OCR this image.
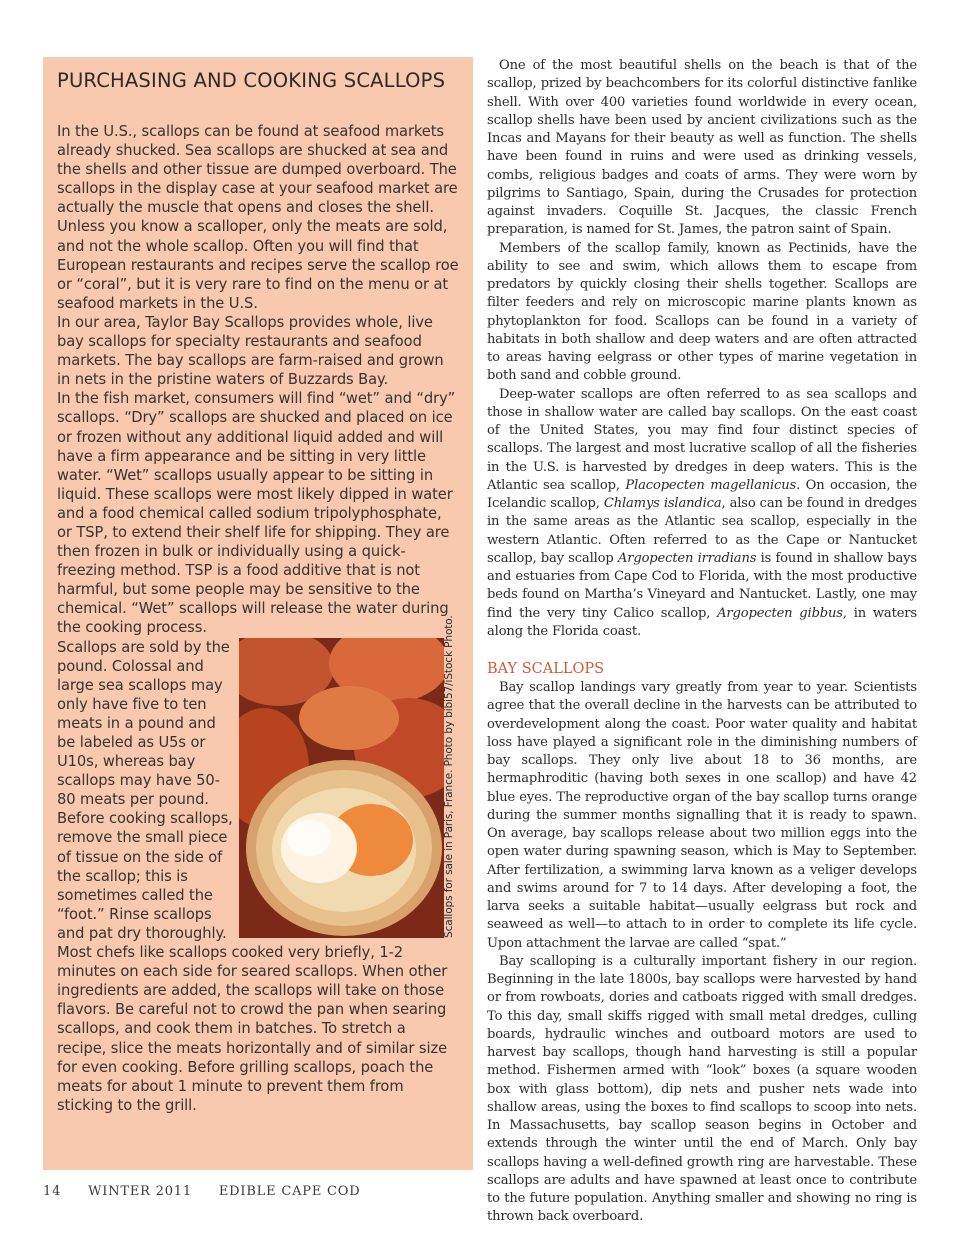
PURCHASING AND COOKING SCALLOPS

In the U.S., scallops can be found at seafood markets already shucked. Sea scallops are shucked at sea and the shells and other tissue are dumped overboard. The scallops in the display case at your seafood market are actually the muscle that opens and closes the shell. Unless you know a scalloper, only the meats are sold, and not the whole scallop. Often you will find that European restaurants and recipes serve the scallop roe or “coral”, but it is very rare to find on the menu or at seafood markets in the U.S.

In our area, Taylor Bay Scallops provides whole, live bay scallops for specialty restaurants and seafood markets. The bay scallops are farm-raised and grown in nets in the pristine waters of Buzzards Bay.

In the fish market, consumers will find “wet” and “dry” scallops. “Dry” scallops are shucked and placed on ice or frozen without any additional liquid added and will have a firm appearance and be sitting in very little water. “Wet” scallops usually appear to be sitting in liquid. These scallops were most likely dipped in water and a food chemical called sodium tripolyphosphate, or TSP, to extend their shelf life for shipping. They are then frozen in bulk or individually using a quick-freezing method. TSP is a food additive that is not harmful, but some people may be sensitive to the chemical. “Wet” scallops will release the water during the cooking process.	Scallops for sale in Paris, France. Photo by bibi57/iStock Photo.
Scallops are sold by the pound. Colossal and large sea scallops may only have five to ten meats in a pound and be labeled as U5s or U10s, whereas bay scallops may have 50-80 meats per pound. Before cooking scallops, remove the small piece of tissue on the side of the scallop; this is sometimes called the “foot.” Rinse scallops and pat dry thoroughly.

Most chefs like scallops cooked very briefly, 1-2 minutes on each side for seared scallops. When other ingredients are added, the scallops will take on those flavors. Be careful not to crowd the pan when searing scallops, and cook them in batches. To stretch a recipe, slice the meats horizontally and of similar size for even cooking. Before grilling scallops, poach the meats for about 1 minute to prevent them from sticking to the grill.

One of the most beautiful shells on the beach is that of the scallop, prized by beachcombers for its colorful distinctive fanlike shell. With over 400 varieties found worldwide in every ocean, scallop shells have been used by ancient civilizations such as the Incas and Mayans for their beauty as well as function. The shells have been found in ruins and were used as drinking vessels, combs, religious badges and coats of arms. They were worn by pilgrims to Santiago, Spain, during the Crusades for protection against invaders. Coquille St. Jacques, the classic French preparation, is named for St. James, the patron saint of Spain.

Members of the scallop family, known as Pectinids, have the ability to see and swim, which allows them to escape from predators by quickly closing their shells together. Scallops are filter feeders and rely on microscopic marine plants known as phytoplankton for food. Scallops can be found in a variety of habitats in both shallow and deep waters and are often attracted to areas having eelgrass or other types of marine vegetation in both sand and cobble ground.

Deep-water scallops are often referred to as sea scallops and those in shallow water are called bay scallops. On the east coast of the United States, you may find four distinct species of scallops. The largest and most lucrative scallop of all the fisheries in the U.S. is harvested by dredges in deep waters. This is the Atlantic sea scallop, Placopecten magellanicus. On occasion, the Icelandic scallop, Chlamys islandica, also can be found in dredges in the same areas as the Atlantic sea scallop, especially in the western Atlantic. Often referred to as the Cape or Nantucket scallop, bay scallop Argopecten irradians is found in shallow bays and estuaries from Cape Cod to Florida, with the most productive beds found on Martha’s Vineyard and Nantucket. Lastly, one may find the very tiny Calico scallop, Argopecten gibbus, in waters along the Florida coast.

BAY SCALLOPS

Bay scallop landings vary greatly from year to year. Scientists agree that the overall decline in the harvests can be attributed to overdevelopment along the coast. Poor water quality and habitat loss have played a significant role in the diminishing numbers of bay scallops. They only live about 18 to 36 months, are hermaphroditic (having both sexes in one scallop) and have 42 blue eyes. The reproductive organ of the bay scallop turns orange during the summer months signalling that it is ready to spawn. On average, bay scallops release about two million eggs into the open water during spawning season, which is May to September. After fertilization, a swimming larva known as a veliger develops and swims around for 7 to 14 days. After developing a foot, the larva seeks a suitable habitat—usually eelgrass but rock and seaweed as well—to attach to in order to complete its life cycle. Upon attachment the larvae are called “spat.”

Bay scalloping is a culturally important fishery in our region. Beginning in the late 1800s, bay scallops were harvested by hand or from rowboats, dories and catboats rigged with small dredges. To this day, small skiffs rigged with small metal dredges, culling boards, hydraulic winches and outboard motors are used to harvest bay scallops, though hand harvesting is still a popular method. Fishermen armed with “look” boxes (a square wooden box with glass bottom), dip nets and pusher nets wade into shallow areas, using the boxes to find scallops to scoop into nets. In Massachusetts, bay scallop season begins in October and extends through the winter until the end of March. Only bay scallops having a well-defined growth ring are harvestable. These scallops are adults and have spawned at least once to contribute to the future population. Anything smaller and showing no ring is thrown back overboard.

14 WINTER 2011 EDIBLE CAPE COD
